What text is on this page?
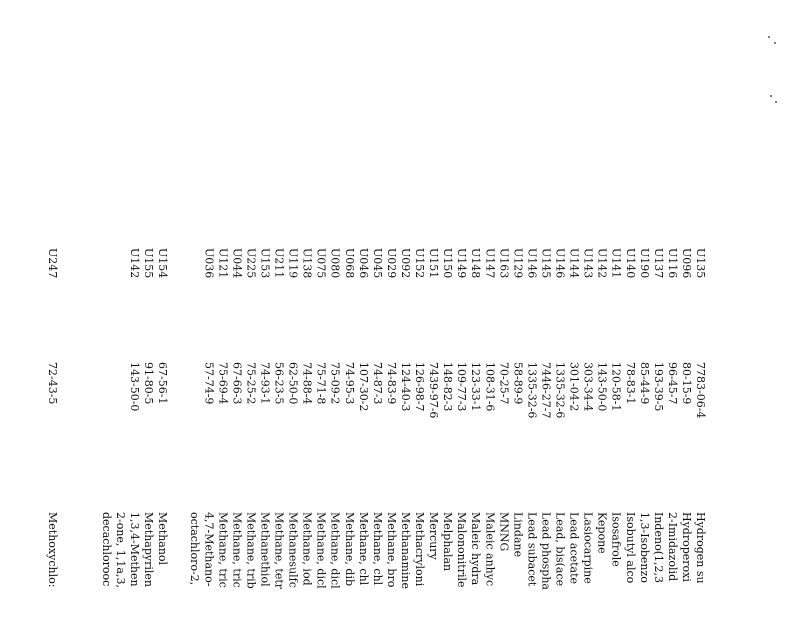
U135
U096
U116
U137
U190
U140
U141
U142
U143
U144
U146
U145
U146
U129
U163
U147
U148
U149
U150
U151
U152
U092
U029
U045
U046
U068
U080
U075
U138
U119
U211
U153
U225
U044
U121
U036
U154
U155
U142
U247
7783-06-4
80-15-9
96-45-7
193-39-5
85-44-9
78-83-1
120-58-1
143-50-0
303-34-4
301-04-2
1335-32-6
7446-27-7
1335-32-6
58-89-9
70-25-7
108-31-6
123-33-1
109-77-3
148-82-3
7439-97-6
126-98-7
124-40-3
74-83-9
74-87-3
107-30-2
74-95-3
75-09-2
75-71-8
74-88-4
62-50-0
56-23-5
74-93-1
75-25-2
67-66-3
75-69-4
57-74-9
67-56-1
91-80-5
143-50-0
72-43-5
Hydrogen su
Hydroperoxi
2-Imidazolid
Indeno(1,2,3
1,3-Isobenzo
Isobutyl alco
Isosafrole
Kepone
Lasiocarpine
Lead acetate
Lead, bis(ace
Lead phospha
Lead subacet
Lindane
MNNG
Maleic anhyc
Maleic hydra
Malononitrile
Melphalan
Mercury
Methacryloni
Methanamine
Methane, bro
Methane, chl
Methane, chl
Methane, dib
Methane, dicl
Methane, dicl
Methane, iod
Methanesulfc
Methane, tetr
Methanethiol
Methane, trib
Methane, tric
Methane, tric
4,7-Methano-
octachloro-2,
Methanol
Methapyrilen
1,3,4-Methen
2-one, 1,1a,3,
decachlorooc
Methoxychlo:
